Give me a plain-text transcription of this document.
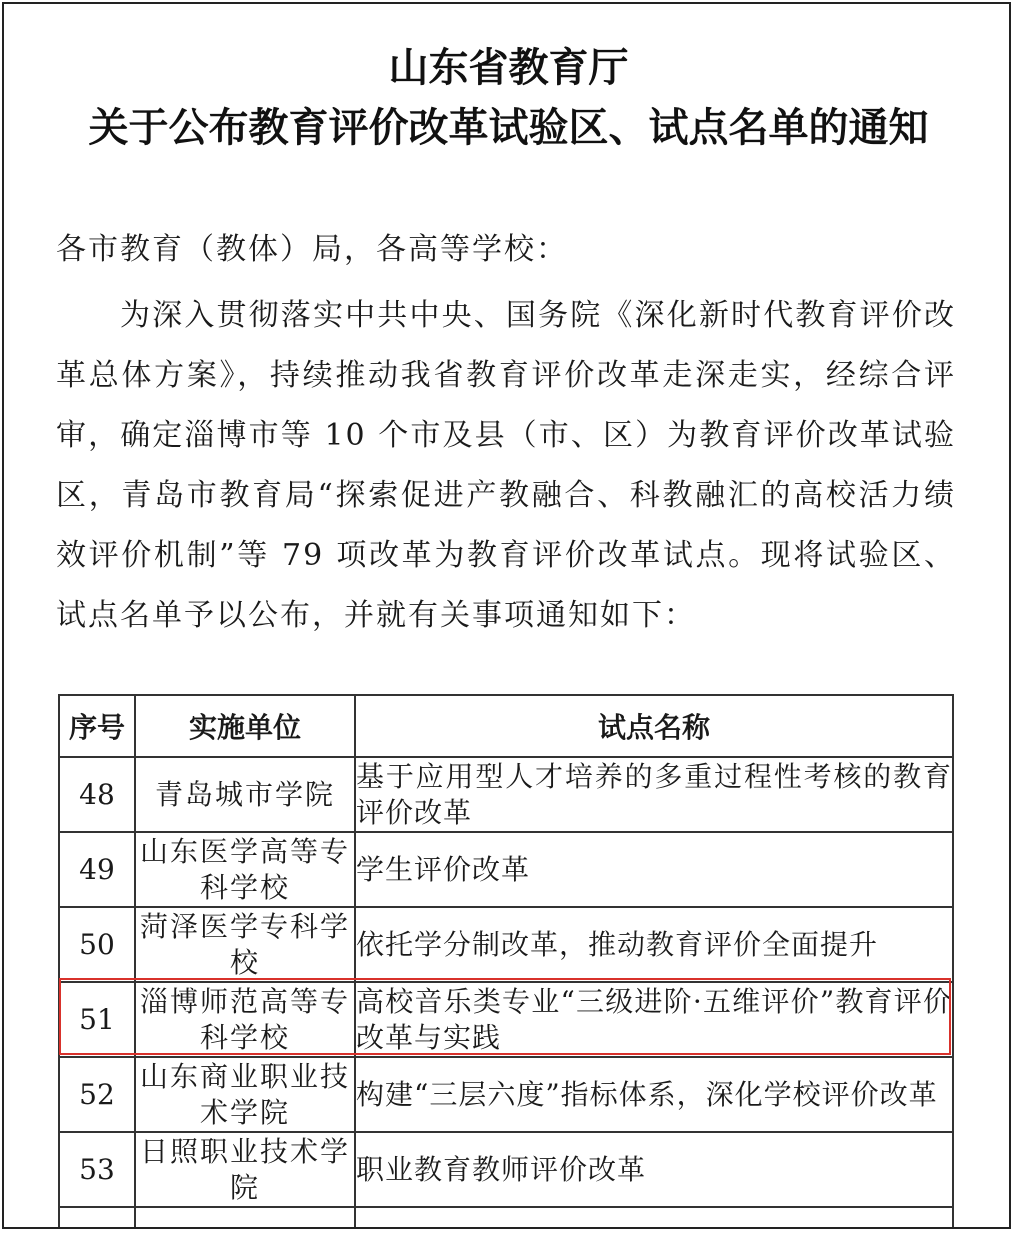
山东省教育厅
关于公布教育评价改革试验区、试点名单的通知
各市教育（教体）局，各高等学校：
为深入贯彻落实中共中央、国务院《深化新时代教育评价改革总体方案》，持续推动我省教育评价改革走深走实，经综合评审，确定淄博市等 10 个市及县（市、区）为教育评价改革试验区，青岛市教育局“探索促进产教融合、科教融汇的高校活力绩效评价机制”等 79 项改革为教育评价改革试点。现将试验区、试点名单予以公布，并就有关事项通知如下：
序号	实施单位	试点名称
48	青岛城市学院	基于应用型人才培养的多重过程性考核的教育评价改革
49	山东医学高等专科学校	学生评价改革
50	菏泽医学专科学校	依托学分制改革，推动教育评价全面提升
51	淄博师范高等专科学校	高校音乐类专业“三级进阶·五维评价”教育评价改革与实践
52	山东商业职业技术学院	构建“三层六度”指标体系，深化学校评价改革
53	日照职业技术学院	职业教育教师评价改革
